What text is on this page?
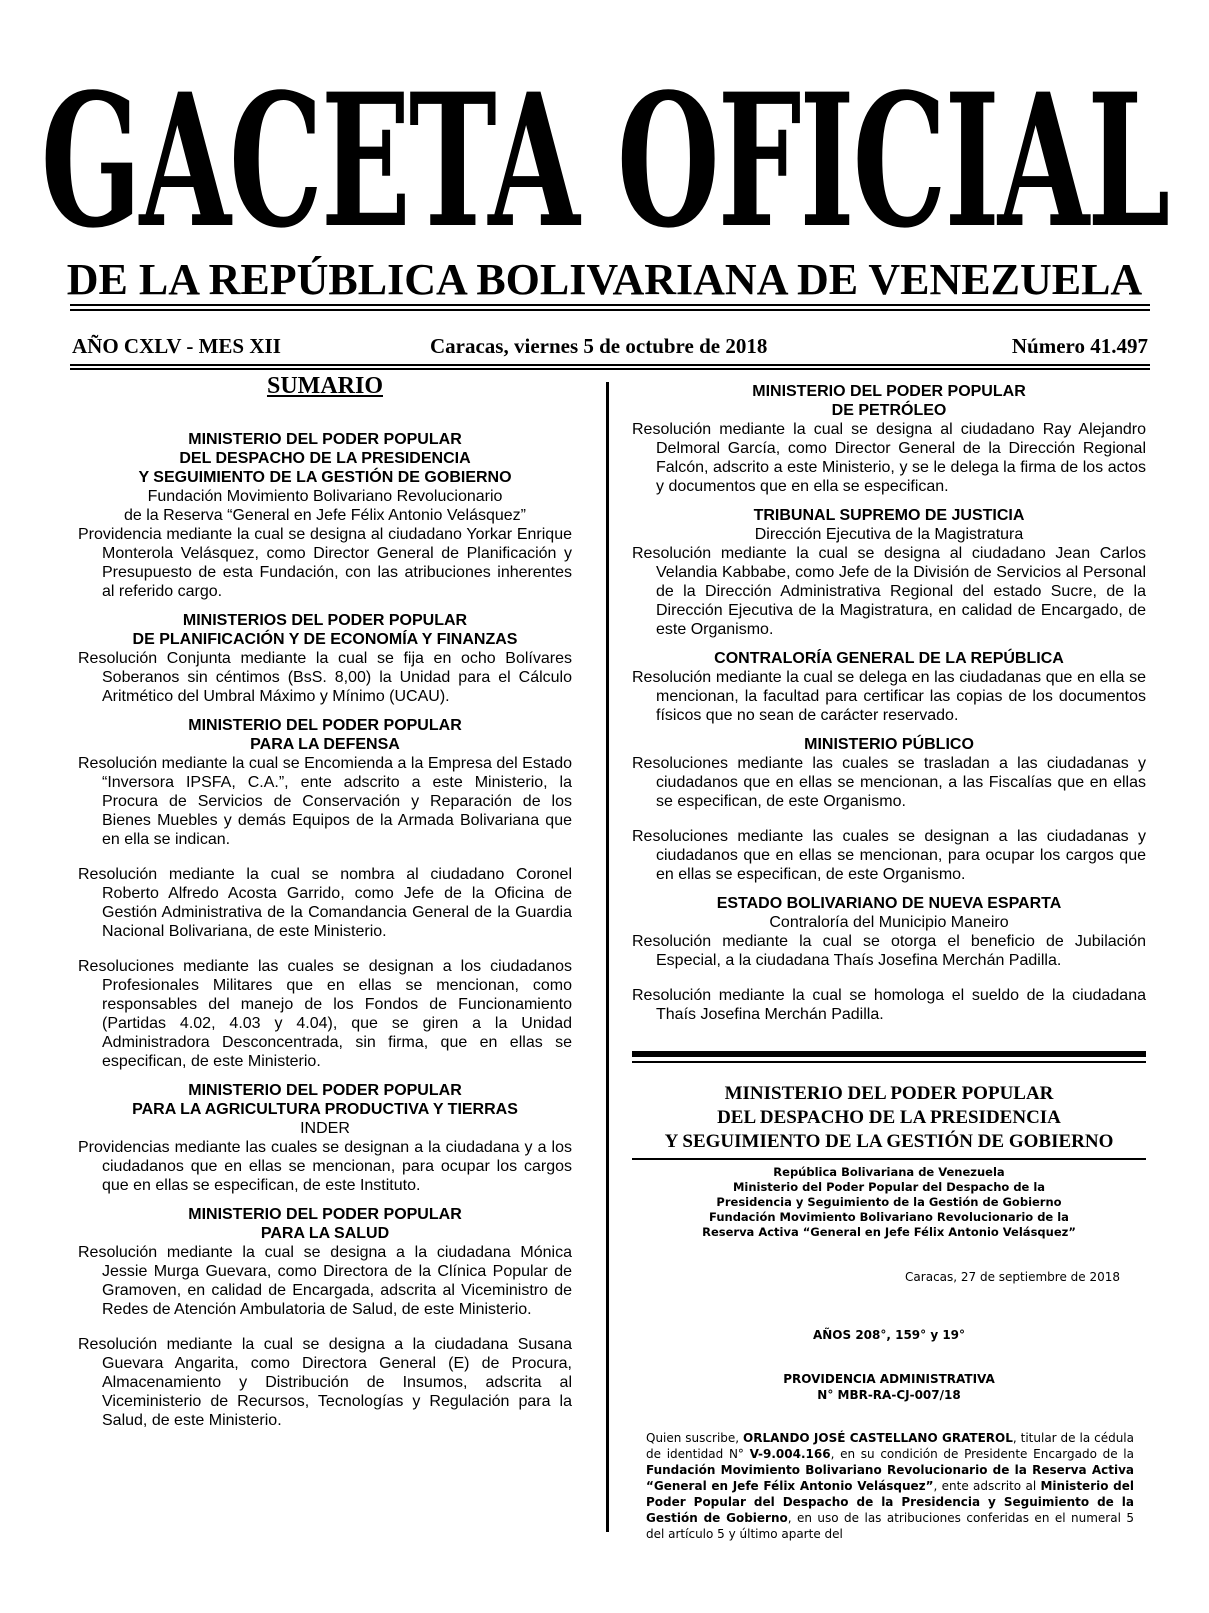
GACETA OFICIAL
DE LA REPÚBLICA BOLIVARIANA DE VENEZUELA
AÑO CXLV - MES XII	Caracas, viernes 5 de octubre de 2018	Número 41.497
SUMARIO
MINISTERIO DEL PODER POPULAR
DEL DESPACHO DE LA PRESIDENCIA
Y SEGUIMIENTO DE LA GESTIÓN DE GOBIERNO
Fundación Movimiento Bolivariano Revolucionario
de la Reserva “General en Jefe Félix Antonio Velásquez”
Providencia mediante la cual se designa al ciudadano Yorkar Enrique Monterola Velásquez, como Director General de Planificación y Presupuesto de esta Fundación, con las atribuciones inherentes al referido cargo.
MINISTERIOS DEL PODER POPULAR
DE PLANIFICACIÓN Y DE ECONOMÍA Y FINANZAS
Resolución Conjunta mediante la cual se fija en ocho Bolívares Soberanos sin céntimos (BsS. 8,00) la Unidad para el Cálculo Aritmético del Umbral Máximo y Mínimo (UCAU).
MINISTERIO DEL PODER POPULAR
PARA LA DEFENSA
Resolución mediante la cual se Encomienda a la Empresa del Estado “Inversora IPSFA, C.A.”, ente adscrito a este Ministerio, la Procura de Servicios de Conservación y Reparación de los Bienes Muebles y demás Equipos de la Armada Bolivariana que en ella se indican.
Resolución mediante la cual se nombra al ciudadano Coronel Roberto Alfredo Acosta Garrido, como Jefe de la Oficina de Gestión Administrativa de la Comandancia General de la Guardia Nacional Bolivariana, de este Ministerio.
Resoluciones mediante las cuales se designan a los ciudadanos Profesionales Militares que en ellas se mencionan, como responsables del manejo de los Fondos de Funcionamiento (Partidas 4.02, 4.03 y 4.04), que se giren a la Unidad Administradora Desconcentrada, sin firma, que en ellas se especifican, de este Ministerio.
MINISTERIO DEL PODER POPULAR
PARA LA AGRICULTURA PRODUCTIVA Y TIERRAS
INDER
Providencias mediante las cuales se designan a la ciudadana y a los ciudadanos que en ellas se mencionan, para ocupar los cargos que en ellas se especifican, de este Instituto.
MINISTERIO DEL PODER POPULAR
PARA LA SALUD
Resolución mediante la cual se designa a la ciudadana Mónica Jessie Murga Guevara, como Directora de la Clínica Popular de Gramoven, en calidad de Encargada, adscrita al Viceministro de Redes de Atención Ambulatoria de Salud, de este Ministerio.
Resolución mediante la cual se designa a la ciudadana Susana Guevara Angarita, como Directora General (E) de Procura, Almacenamiento y Distribución de Insumos, adscrita al Viceministerio de Recursos, Tecnologías y Regulación para la Salud, de este Ministerio.
MINISTERIO DEL PODER POPULAR
DE PETRÓLEO
Resolución mediante la cual se designa al ciudadano Ray Alejandro Delmoral García, como Director General de la Dirección Regional Falcón, adscrito a este Ministerio, y se le delega la firma de los actos y documentos que en ella se especifican.
TRIBUNAL SUPREMO DE JUSTICIA
Dirección Ejecutiva de la Magistratura
Resolución mediante la cual se designa al ciudadano Jean Carlos Velandia Kabbabe, como Jefe de la División de Servicios al Personal de la Dirección Administrativa Regional del estado Sucre, de la Dirección Ejecutiva de la Magistratura, en calidad de Encargado, de este Organismo.
CONTRALORÍA GENERAL DE LA REPÚBLICA
Resolución mediante la cual se delega en las ciudadanas que en ella se mencionan, la facultad para certificar las copias de los documentos físicos que no sean de carácter reservado.
MINISTERIO PÚBLICO
Resoluciones mediante las cuales se trasladan a las ciudadanas y ciudadanos que en ellas se mencionan, a las Fiscalías que en ellas se especifican, de este Organismo.
Resoluciones mediante las cuales se designan a las ciudadanas y ciudadanos que en ellas se mencionan, para ocupar los cargos que en ellas se especifican, de este Organismo.
ESTADO BOLIVARIANO DE NUEVA ESPARTA
Contraloría del Municipio Maneiro
Resolución mediante la cual se otorga el beneficio de Jubilación Especial, a la ciudadana Thaís Josefina Merchán Padilla.
Resolución mediante la cual se homologa el sueldo de la ciudadana Thaís Josefina Merchán Padilla.
MINISTERIO DEL PODER POPULAR
DEL DESPACHO DE LA PRESIDENCIA
Y SEGUIMIENTO DE LA GESTIÓN DE GOBIERNO
República Bolivariana de Venezuela
Ministerio del Poder Popular del Despacho de la
Presidencia y Seguimiento de la Gestión de Gobierno
Fundación Movimiento Bolivariano Revolucionario de la
Reserva Activa “General en Jefe Félix Antonio Velásquez”
Caracas, 27 de septiembre de 2018
AÑOS 208°, 159° y 19°
PROVIDENCIA ADMINISTRATIVA
N° MBR-RA-CJ-007/18
Quien suscribe, ORLANDO JOSÉ CASTELLANO GRATEROL, titular de la cédula de identidad N° V-9.004.166, en su condición de Presidente Encargado de la Fundación Movimiento Bolivariano Revolucionario de la Reserva Activa “General en Jefe Félix Antonio Velásquez”, ente adscrito al Ministerio del Poder Popular del Despacho de la Presidencia y Seguimiento de la Gestión de Gobierno, en uso de las atribuciones conferidas en el numeral 5 del artículo 5 y último aparte del
